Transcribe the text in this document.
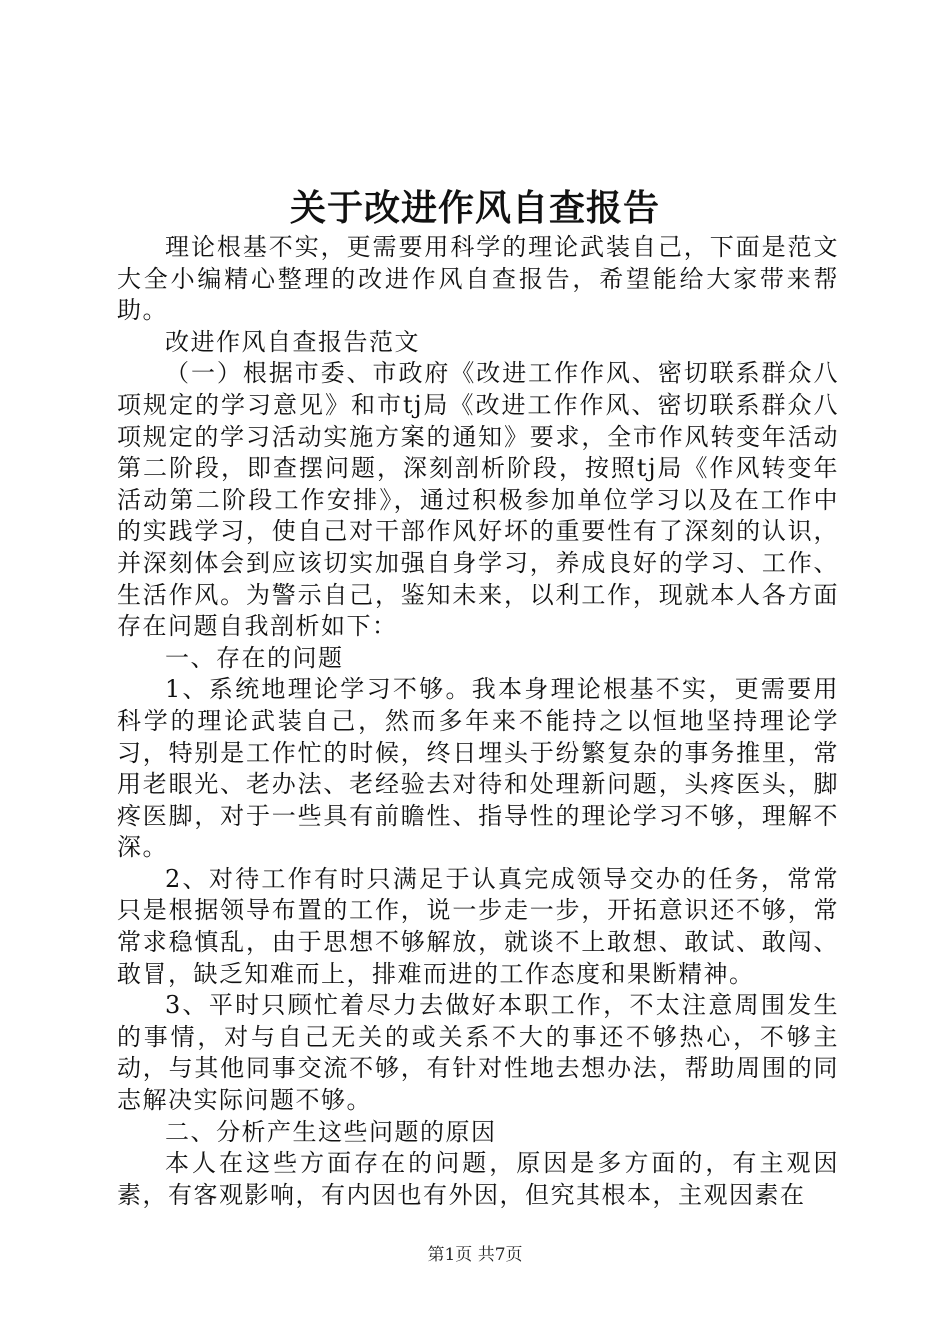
关于改进作风自查报告

理论根基不实，更需要用科学的理论武装自己，下面是范文大全小编精心整理的改进作风自查报告，希望能给大家带来帮助。

改进作风自查报告范文

（一）根据市委、市政府《改进工作作风、密切联系群众八项规定的学习意见》和市tj局《改进工作作风、密切联系群众八项规定的学习活动实施方案的通知》要求，全市作风转变年活动第二阶段，即查摆问题，深刻剖析阶段，按照tj局《作风转变年活动第二阶段工作安排》，通过积极参加单位学习以及在工作中的实践学习，使自己对干部作风好坏的重要性有了深刻的认识，并深刻体会到应该切实加强自身学习，养成良好的学习、工作、生活作风。为警示自己，鉴知未来，以利工作，现就本人各方面存在问题自我剖析如下：

一、存在的问题

1、系统地理论学习不够。我本身理论根基不实，更需要用科学的理论武装自己，然而多年来不能持之以恒地坚持理论学习，特别是工作忙的时候，终日埋头于纷繁复杂的事务推里，常用老眼光、老办法、老经验去对待和处理新问题，头疼医头，脚疼医脚，对于一些具有前瞻性、指导性的理论学习不够，理解不深。

2、对待工作有时只满足于认真完成领导交办的任务，常常只是根据领导布置的工作，说一步走一步，开拓意识还不够，常常求稳慎乱，由于思想不够解放，就谈不上敢想、敢试、敢闯、敢冒，缺乏知难而上，排难而进的工作态度和果断精神。

3、平时只顾忙着尽力去做好本职工作，不太注意周围发生的事情，对与自己无关的或关系不大的事还不够热心，不够主动，与其他同事交流不够，有针对性地去想办法，帮助周围的同志解决实际问题不够。

二、分析产生这些问题的原因

本人在这些方面存在的问题，原因是多方面的，有主观因素，有客观影响，有内因也有外因，但究其根本，主观因素在

第1页 共7页
